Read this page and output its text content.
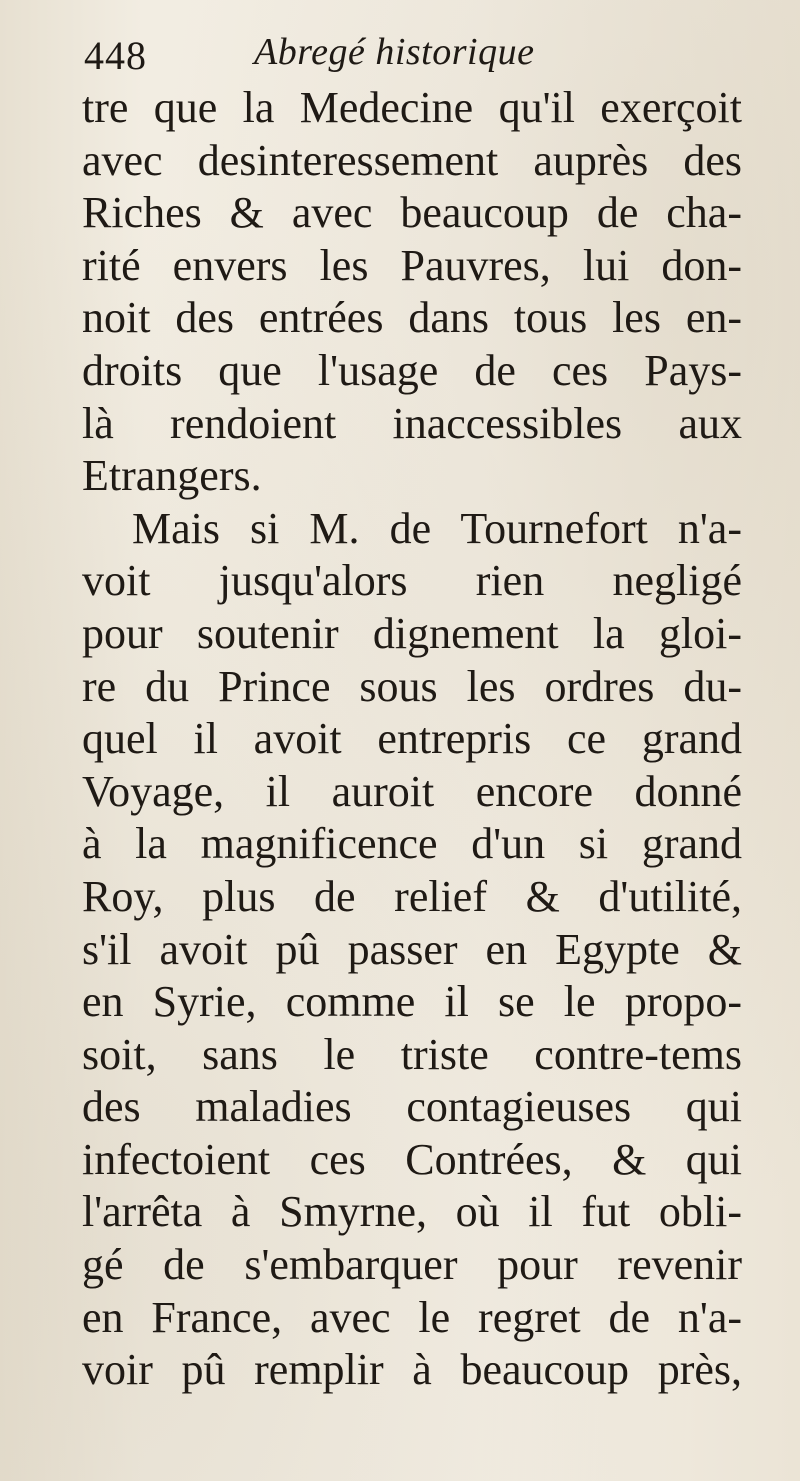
448	Abregé historique
tre que la Medecine qu'il exerçoit
avec desinteressement auprès des
Riches & avec beaucoup de cha-
rité envers les Pauvres, lui don-
noit des entrées dans tous les en-
droits que l'usage de ces Pays-
là rendoient inaccessibles aux
Etrangers.
Mais si M. de Tournefort n'a-
voit jusqu'alors rien negligé
pour soutenir dignement la gloi-
re du Prince sous les ordres du-
quel il avoit entrepris ce grand
Voyage, il auroit encore donné
à la magnificence d'un si grand
Roy, plus de relief & d'utilité,
s'il avoit pû passer en Egypte &
en Syrie, comme il se le propo-
soit, sans le triste contre-tems
des maladies contagieuses qui
infectoient ces Contrées, & qui
l'arrêta à Smyrne, où il fut obli-
gé de s'embarquer pour revenir
en France, avec le regret de n'a-
voir pû remplir à beaucoup près,
